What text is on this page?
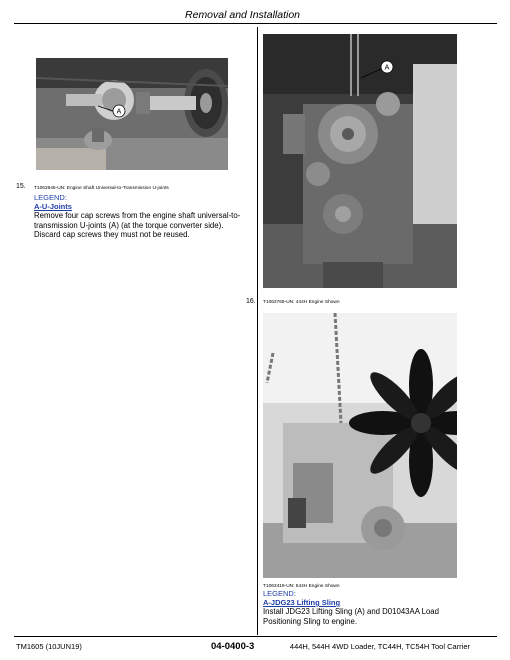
Removal and Installation
A
15. T1063946-UN: Engine Shaft Universal-to-Transmission U-joints
LEGEND:
A-U-Joints
Remove four cap screws from the engine shaft universal-to-transmission U-joints (A) (at the torque converter side). Discard cap screws they must not be reused.
A
16. T1063769-UN: 444H Engine Shown
T1063419-UN: 544H Engine Shown
LEGEND:
A-JDG23 Lifting Sling
Install JDG23 Lifting Sling (A) and D01043AA Load Positioning Sling to engine.
TM1605 (10JUN19)	04-0400-3	444H, 544H 4WD Loader, TC44H, TC54H Tool Carrier
